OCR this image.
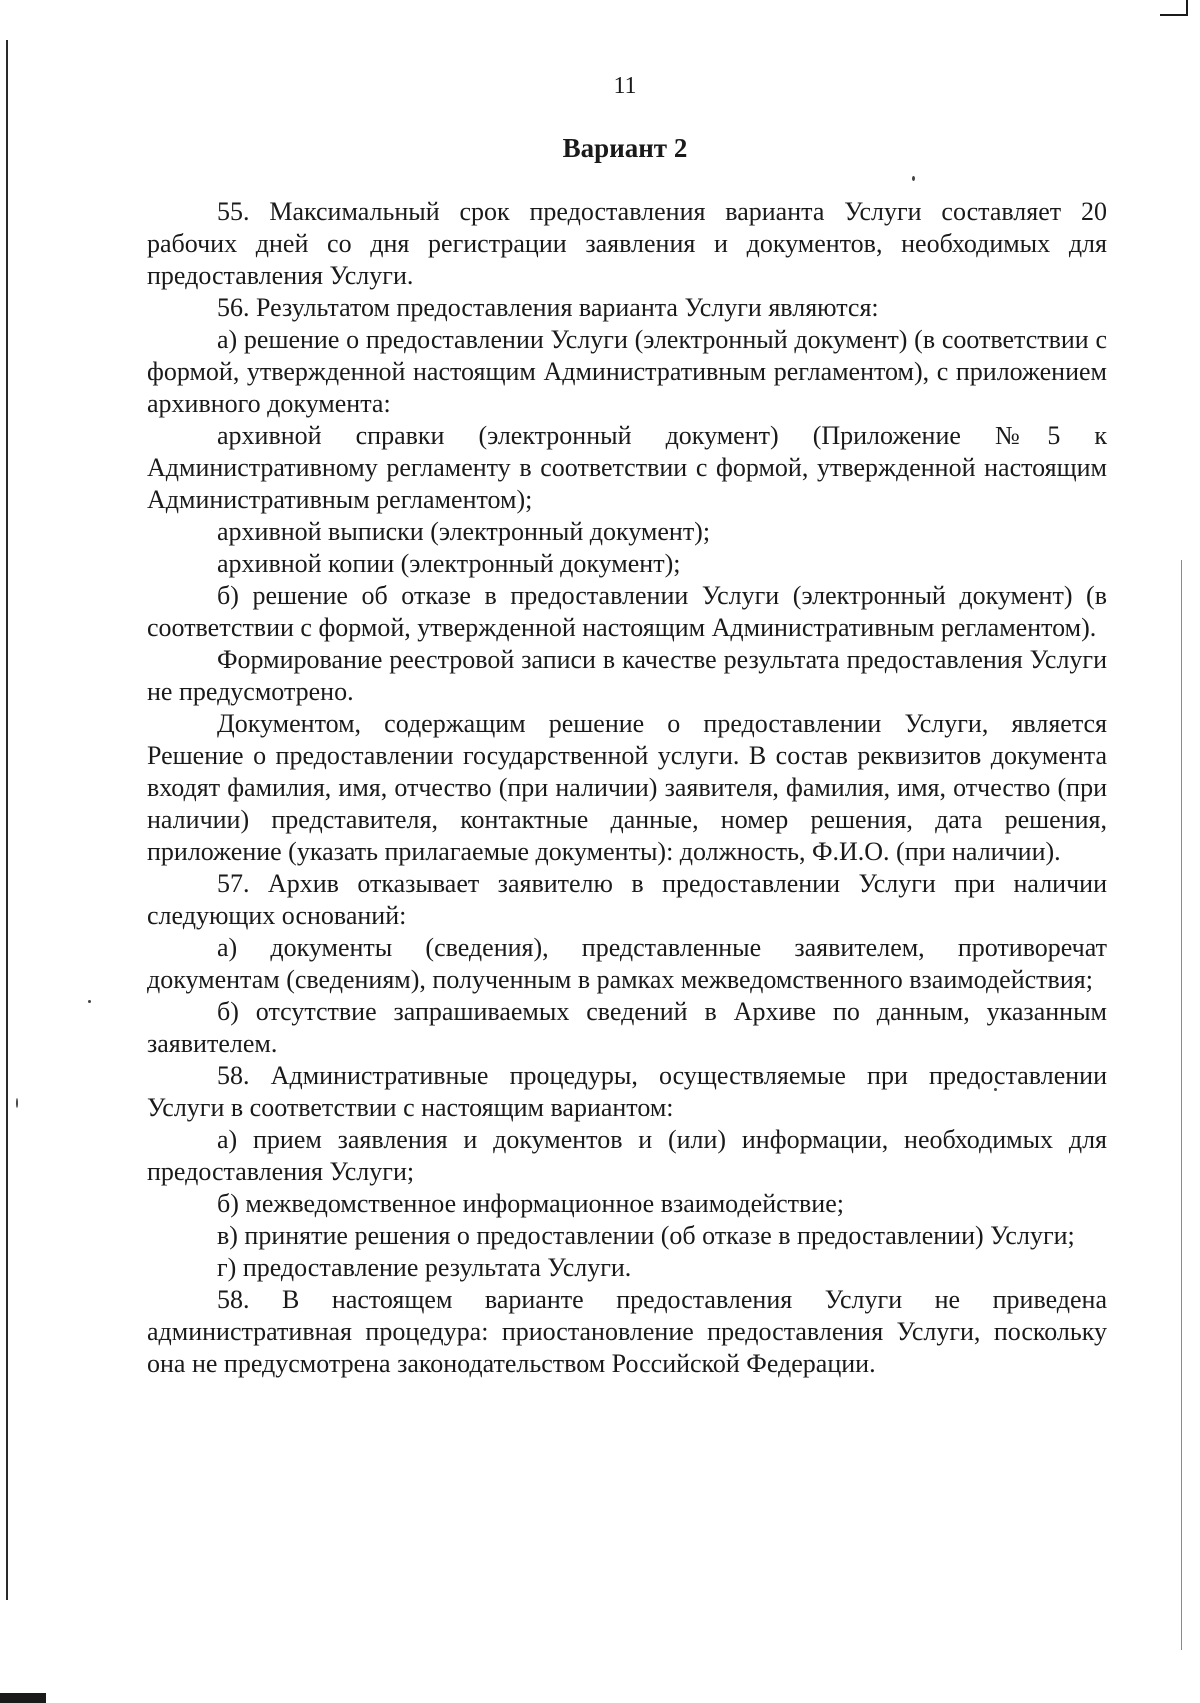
11
Вариант 2

55. Максимальный срок предоставления варианта Услуги составляет 20 рабочих дней со дня регистрации заявления и документов, необходимых для предоставления Услуги.

56. Результатом предоставления варианта Услуги являются:

а) решение о предоставлении Услуги (электронный документ) (в соответствии с формой, утвержденной настоящим Административным регламентом), с приложением архивного документа:

архивной справки (электронный документ) (Приложение №5 к Административному регламенту в соответствии с формой, утвержденной настоящим Административным регламентом);

архивной выписки (электронный документ);

архивной копии (электронный документ);

б) решение об отказе в предоставлении Услуги (электронный документ) (в соответствии с формой, утвержденной настоящим Административным регламентом).

Формирование реестровой записи в качестве результата предоставления Услуги не предусмотрено.

Документом, содержащим решение о предоставлении Услуги, является Решение о предоставлении государственной услуги. В состав реквизитов документа входят фамилия, имя, отчество (при наличии) заявителя, фамилия, имя, отчество (при наличии) представителя, контактные данные, номер решения, дата решения, приложение (указать прилагаемые документы): должность, Ф.И.О. (при наличии).

57. Архив отказывает заявителю в предоставлении Услуги при наличии следующих оснований:

а) документы (сведения), представленные заявителем, противоречат документам (сведениям), полученным в рамках межведомственного взаимодействия;

б) отсутствие запрашиваемых сведений в Архиве по данным, указанным заявителем.

58. Административные процедуры, осуществляемые при предоставлении Услуги в соответствии с настоящим вариантом:

а) прием заявления и документов и (или) информации, необходимых для предоставления Услуги;

б) межведомственное информационное взаимодействие;

в) принятие решения о предоставлении (об отказе в предоставлении) Услуги;

г) предоставление результата Услуги.

58. В настоящем варианте предоставления Услуги не приведена административная процедура: приостановление предоставления Услуги, поскольку она не предусмотрена законодательством Российской Федерации.
